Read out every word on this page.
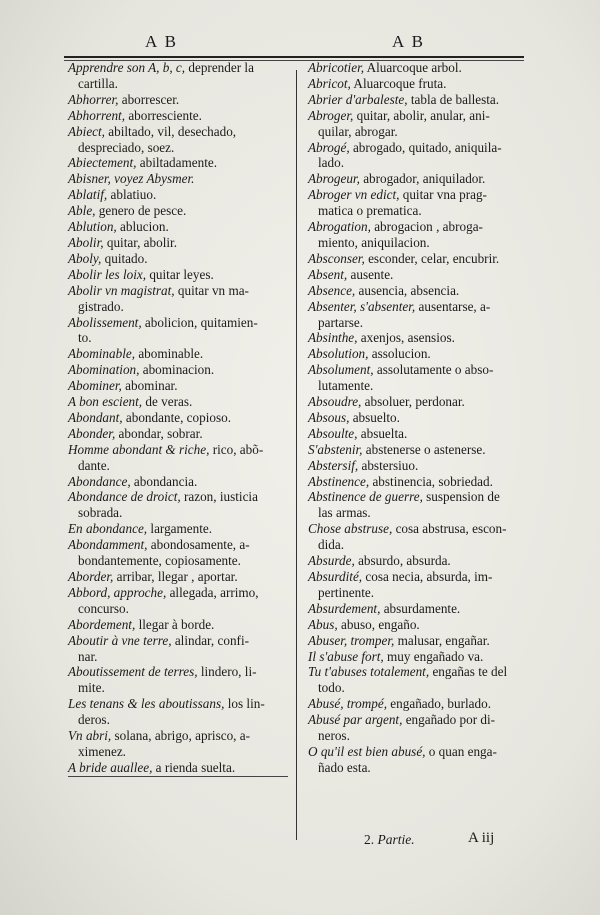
A B	A B
Apprendre son A, b, c, deprender la
cartilla.
Abhorrer, aborrescer.
Abhorrent, aborresciente.
Abiect, abiltado, vil, desechado,
despreciado, soez.
Abiectement, abiltadamente.
Abisner, voyez Abysmer.
Ablatif, ablatiuo.
Able, genero de pesce.
Ablution, ablucion.
Abolir, quitar, abolir.
Aboly, quitado.
Abolir les loix, quitar leyes.
Abolir vn magistrat, quitar vn ma-
gistrado.
Abolissement, abolicion, quitamien-
to.
Abominable, abominable.
Abomination, abominacion.
Abominer, abominar.
A bon escient, de veras.
Abondant, abondante, copioso.
Abonder, abondar, sobrar.
Homme abondant & riche, rico, abõ-
dante.
Abondance, abondancia.
Abondance de droict, razon, iusticia
sobrada.
En abondance, largamente.
Abondamment, abondosamente, a-
bondantemente, copiosamente.
Aborder, arribar, llegar , aportar.
Abbord, approche, allegada, arrimo,
concurso.
Abordement, llegar à borde.
Aboutir à vne terre, alindar, confi-
nar.
Aboutissement de terres, lindero, li-
mite.
Les tenans & les aboutissans, los lin-
deros.
Vn abri, solana, abrigo, aprisco, a-
ximenez.
A bride auallee, a rienda suelta.
Abricotier, Aluarcoque arbol.
Abricot, Aluarcoque fruta.
Abrier d'arbaleste, tabla de ballesta.
Abroger, quitar, abolir, anular, ani-
quilar, abrogar.
Abrogé, abrogado, quitado, aniquila-
lado.
Abrogeur, abrogador, aniquilador.
Abroger vn edict, quitar vna prag-
matica o prematica.
Abrogation, abrogacion , abroga-
miento, aniquilacion.
Absconser, esconder, celar, encubrir.
Absent, ausente.
Absence, ausencia, absencia.
Absenter, s'absenter, ausentarse, a-
partarse.
Absinthe, axenjos, asensios.
Absolution, assolucion.
Absolument, assolutamente o abso-
lutamente.
Absoudre, absoluer, perdonar.
Absous, absuelto.
Absoulte, absuelta.
S'abstenir, abstenerse o astenerse.
Abstersif, abstersiuo.
Abstinence, abstinencia, sobriedad.
Abstinence de guerre, suspension de
las armas.
Chose abstruse, cosa abstrusa, escon-
dida.
Absurde, absurdo, absurda.
Absurdité, cosa necia, absurda, im-
pertinente.
Absurdement, absurdamente.
Abus, abuso, engaño.
Abuser, tromper, malusar, engañar.
Il s'abuse fort, muy engañado va.
Tu t'abuses totalement, engañas te del
todo.
Abusé, trompé, engañado, burlado.
Abusé par argent, engañado por di-
neros.
O qu'il est bien abusé, o quan enga-
ñado esta.
2. Partie.	A iij
